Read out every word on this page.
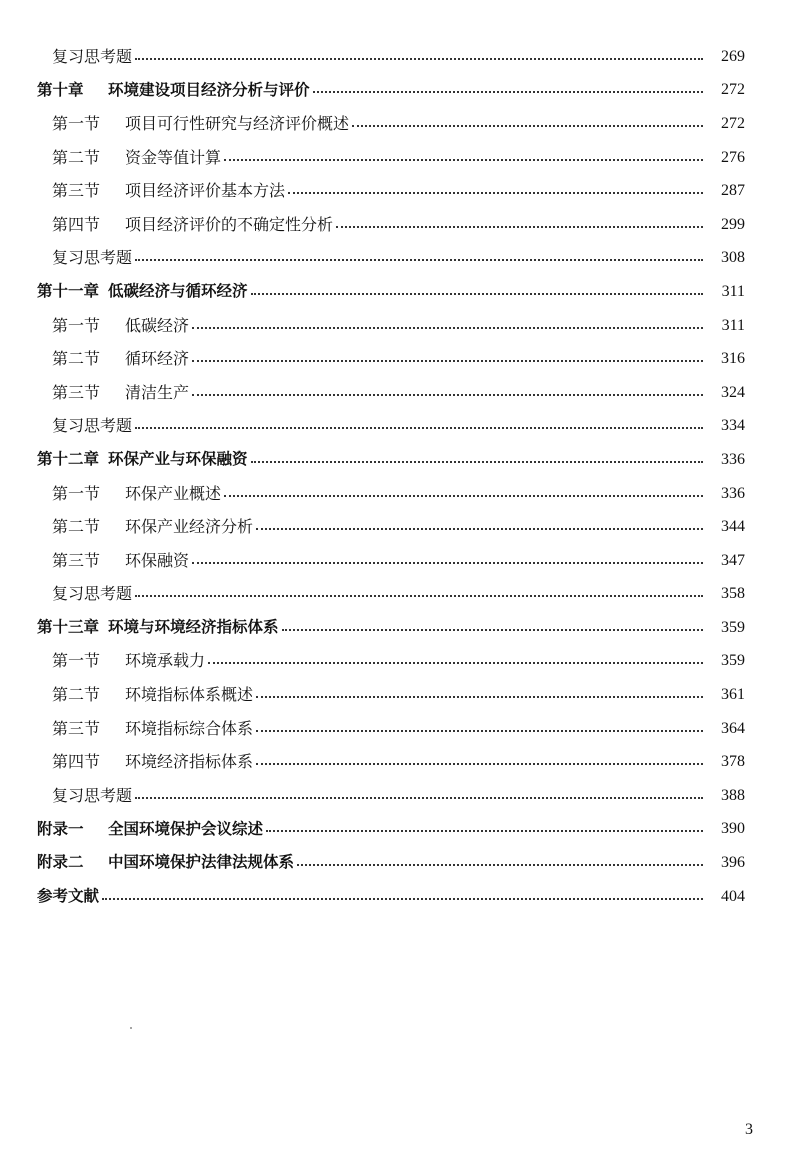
复习思考题	269
第十章	环境建设项目经济分析与评价	272
第一节	项目可行性研究与经济评价概述	272
第二节	资金等值计算	276
第三节	项目经济评价基本方法	287
第四节	项目经济评价的不确定性分析	299
复习思考题	308
第十一章 低碳经济与循环经济	311
第一节	低碳经济	311
第二节	循环经济	316
第三节	清洁生产	324
复习思考题	334
第十二章 环保产业与环保融资	336
第一节	环保产业概述	336
第二节	环保产业经济分析	344
第三节	环保融资	347
复习思考题	358
第十三章 环境与环境经济指标体系	359
第一节	环境承载力	359
第二节	环境指标体系概述	361
第三节	环境指标综合体系	364
第四节	环境经济指标体系	378
复习思考题	388
附录一	全国环境保护会议综述	390
附录二	中国环境保护法律法规体系	396
参考文献	404
3
